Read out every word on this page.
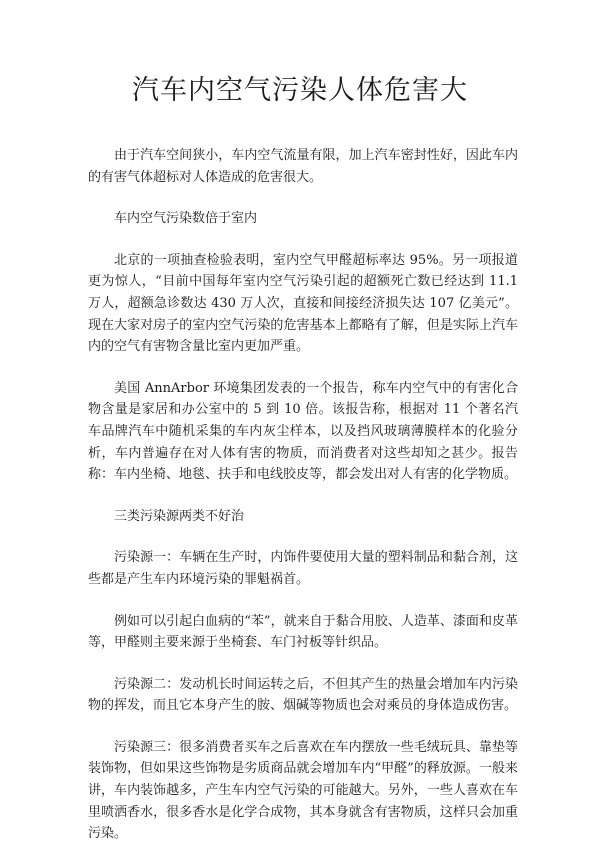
汽车内空气污染人体危害大

由于汽车空间狭小，车内空气流量有限，加上汽车密封性好，因此车内的有害气体超标对人体造成的危害很大。

车内空气污染数倍于室内

北京的一项抽查检验表明，室内空气甲醛超标率达 95%。另一项报道更为惊人，“目前中国每年室内空气污染引起的超额死亡数已经达到 11.1 万人，超额急诊数达 430 万人次，直接和间接经济损失达 107 亿美元”。现在大家对房子的室内空气污染的危害基本上都略有了解，但是实际上汽车内的空气有害物含量比室内更加严重。

美国 AnnArbor 环境集团发表的一个报告，称车内空气中的有害化合物含量是家居和办公室中的 5 到 10 倍。该报告称，根据对 11 个著名汽车品牌汽车中随机采集的车内灰尘样本，以及挡风玻璃薄膜样本的化验分析，车内普遍存在对人体有害的物质，而消费者对这些却知之甚少。报告称：车内坐椅、地毯、扶手和电线胶皮等，都会发出对人有害的化学物质。

三类污染源两类不好治

污染源一：车辆在生产时，内饰件要使用大量的塑料制品和黏合剂，这些都是产生车内环境污染的罪魁祸首。

例如可以引起白血病的“苯”，就来自于黏合用胶、人造革、漆面和皮革等，甲醛则主要来源于坐椅套、车门衬板等针织品。

污染源二：发动机长时间运转之后，不但其产生的热量会增加车内污染物的挥发，而且它本身产生的胺、烟碱等物质也会对乘员的身体造成伤害。

污染源三：很多消费者买车之后喜欢在车内摆放一些毛绒玩具、靠垫等装饰物，但如果这些饰物是劣质商品就会增加车内“甲醛”的释放源。一般来讲，车内装饰越多，产生车内空气污染的可能越大。另外，一些人喜欢在车里喷洒香水，很多香水是化学合成物，其本身就含有害物质，这样只会加重污染。
